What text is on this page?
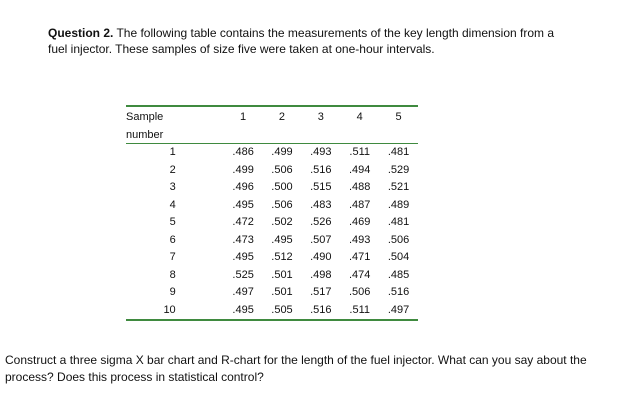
Question 2. The following table contains the measurements of the key length dimension from a fuel injector. These samples of size five were taken at one-hour intervals.

Sample	1	2	3	4	5
number					
1	.486	.499	.493	.511	.481
2	.499	.506	.516	.494	.529
3	.496	.500	.515	.488	.521
4	.495	.506	.483	.487	.489
5	.472	.502	.526	.469	.481
6	.473	.495	.507	.493	.506
7	.495	.512	.490	.471	.504
8	.525	.501	.498	.474	.485
9	.497	.501	.517	.506	.516
10	.495	.505	.516	.511	.497

Construct a three sigma X bar chart and R-chart for the length of the fuel injector. What can you say about the process? Does this process in statistical control?
